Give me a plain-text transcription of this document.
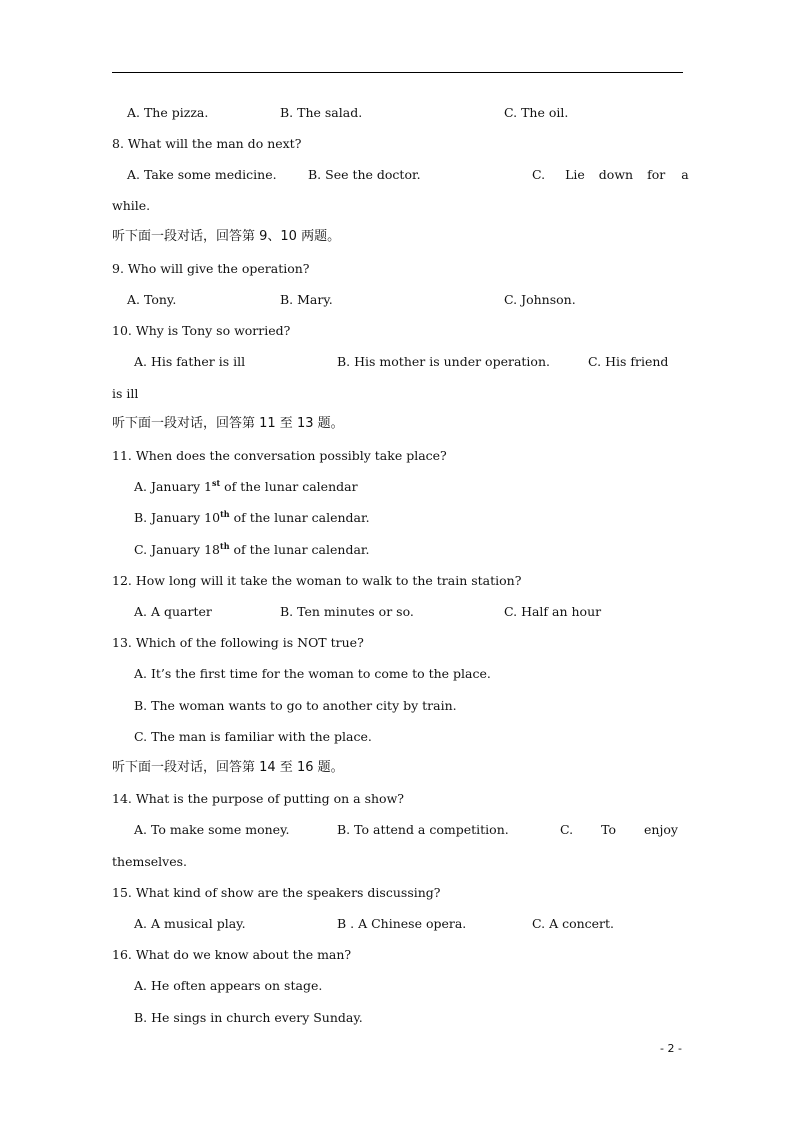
A. The pizza.	B. The salad.	C. The oil.
8. What will the man do next?
A. Take some medicine.	B. See the doctor.	C. Lie down for a
while.
听下面一段对话，回答第 9、10 两题。
9. Who will give the operation?
A. Tony.	B. Mary.	C. Johnson.
10. Why is Tony so worried?
A. His father is ill	B. His mother is under operation.	C. His friend
is ill
听下面一段对话，回答第 11 至 13 题。
11. When does the conversation possibly take place?
A. January 1st of the lunar calendar
B. January 10th of the lunar calendar.
C. January 18th of the lunar calendar.
12. How long will it take the woman to walk to the train station?
A. A quarter	B. Ten minutes or so.	C. Half an hour
13. Which of the following is NOT true?
A. It’s the first time for the woman to come to the place.
B. The woman wants to go to another city by train.
C. The man is familiar with the place.
听下面一段对话，回答第 14 至 16 题。
14. What is the purpose of putting on a show?
A. To make some money.	B. To attend a competition.	C. To enjoy
themselves.
15. What kind of show are the speakers discussing?
A. A musical play.	B . A Chinese opera.	C. A concert.
16. What do we know about the man?
A. He often appears on stage.
B. He sings in church every Sunday.
- 2 -
